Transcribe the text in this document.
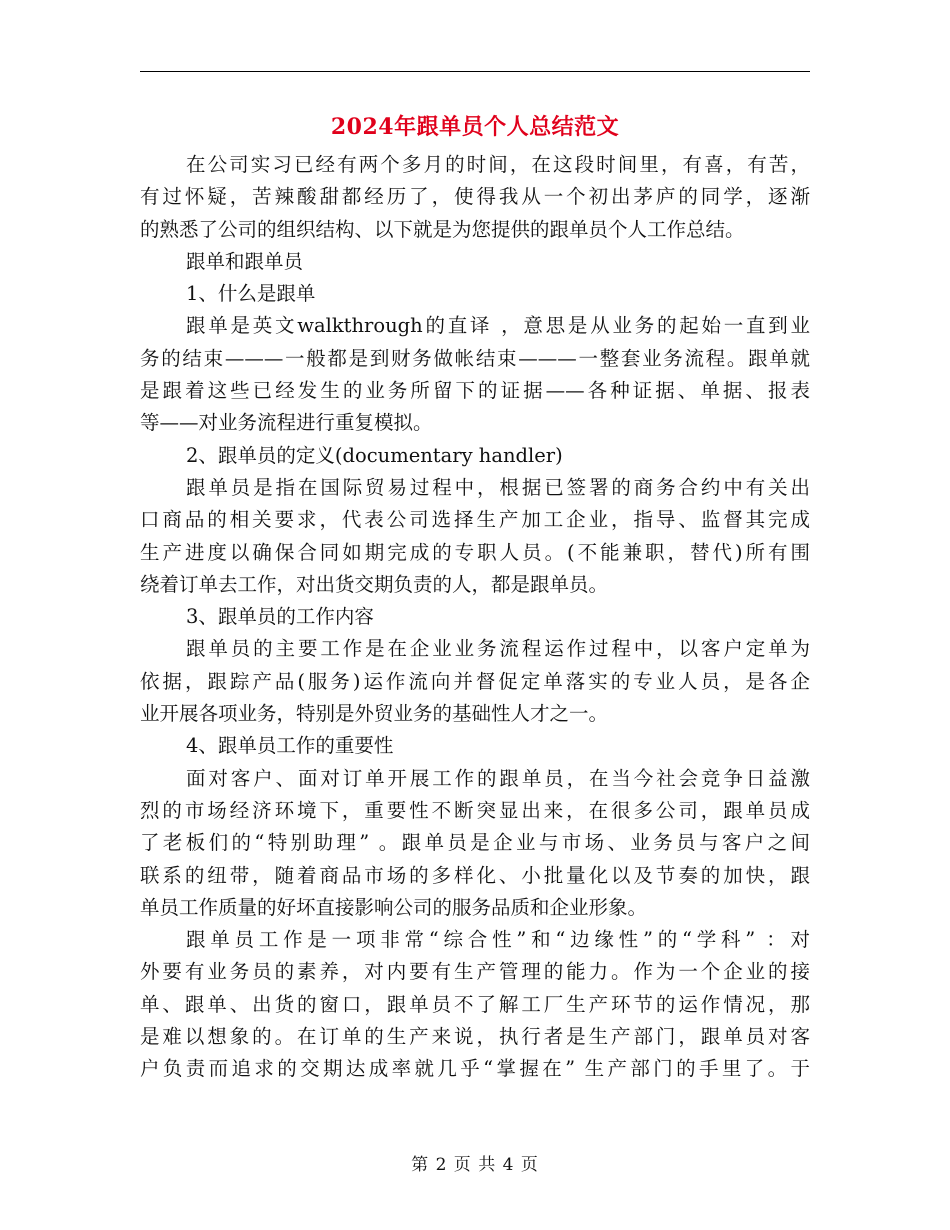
2024年跟单员个人总结范文
在公司实习已经有两个多月的时间，在这段时间里，有喜，有苦，
有过怀疑，苦辣酸甜都经历了，使得我从一个初出茅庐的同学，逐渐
的熟悉了公司的组织结构、以下就是为您提供的跟单员个人工作总结。
跟单和跟单员
1、什么是跟单
跟单是英文walkthrough的直译 ，意思是从业务的起始一直到业
务的结束———一般都是到财务做帐结束———一整套业务流程。跟单就
是跟着这些已经发生的业务所留下的证据——各种证据、单据、报表
等——对业务流程进行重复模拟。
2、跟单员的定义(documentary handler)
跟单员是指在国际贸易过程中，根据已签署的商务合约中有关出
口商品的相关要求，代表公司选择生产加工企业，指导、监督其完成
生产进度以确保合同如期完成的专职人员。(不能兼职，替代)所有围
绕着订单去工作，对出货交期负责的人，都是跟单员。
3、跟单员的工作内容
跟单员的主要工作是在企业业务流程运作过程中，以客户定单为
依据，跟踪产品(服务)运作流向并督促定单落实的专业人员，是各企
业开展各项业务，特别是外贸业务的基础性人才之一。
4、跟单员工作的重要性
面对客户、面对订单开展工作的跟单员，在当今社会竞争日益激
烈的市场经济环境下，重要性不断突显出来，在很多公司，跟单员成
了老板们的“特别助理” 。跟单员是企业与市场、业务员与客户之间
联系的纽带，随着商品市场的多样化、小批量化以及节奏的加快，跟
单员工作质量的好坏直接影响公司的服务品质和企业形象。
跟单员工作是一项非常“综合性”和“边缘性”的“学科” ：对
外要有业务员的素养，对内要有生产管理的能力。作为一个企业的接
单、跟单、出货的窗口，跟单员不了解工厂生产环节的运作情况，那
是难以想象的。在订单的生产来说，执行者是生产部门，跟单员对客
户负责而追求的交期达成率就几乎“掌握在” 生产部门的手里了。于
第 2 页 共 4 页
